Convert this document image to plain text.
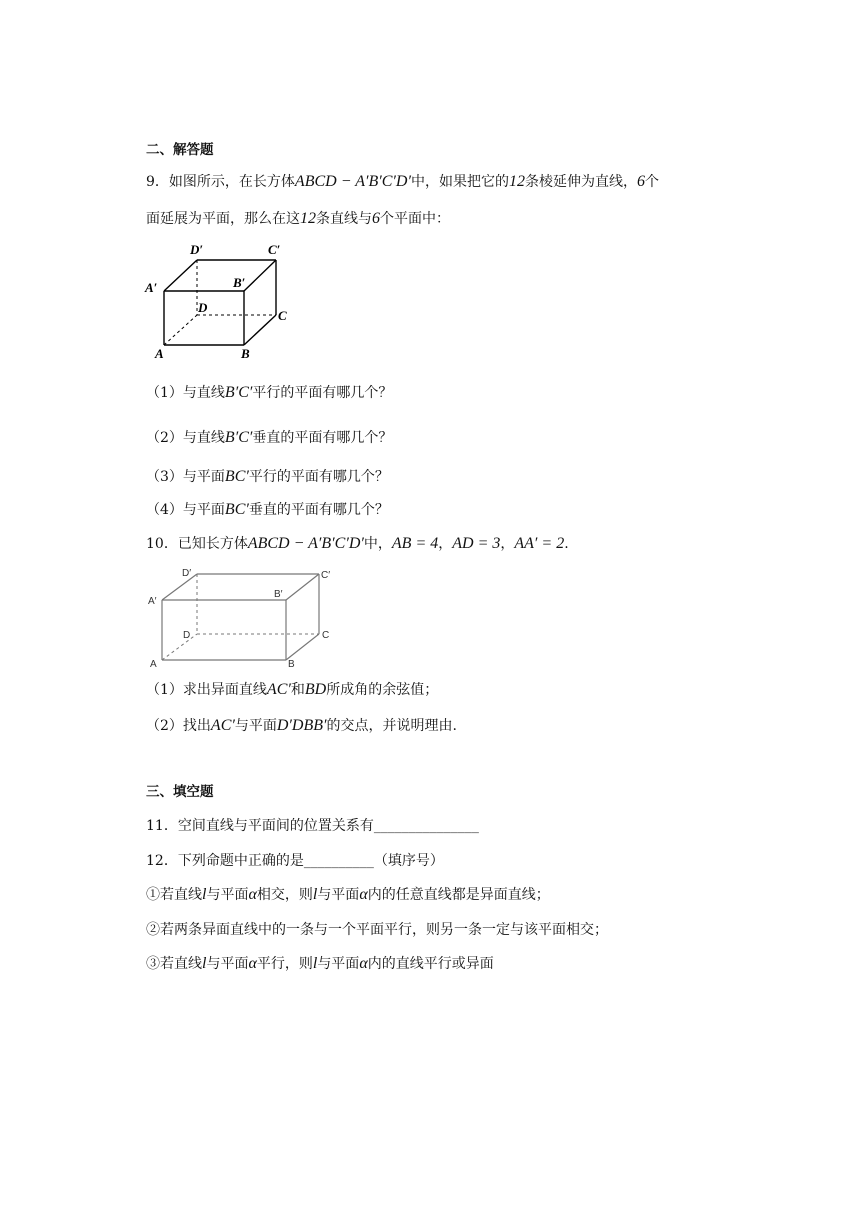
二、解答题
9．如图所示，在长方体ABCD − A′B′C′D′中，如果把它的12条棱延伸为直线，6个
面延展为平面，那么在这12条直线与6个平面中：
D′	C′
A′	B′
D
C
A	B
（1）与直线B′C′平行的平面有哪几个？
（2）与直线B′C′垂直的平面有哪几个？
（3）与平面BC′平行的平面有哪几个？
（4）与平面BC′垂直的平面有哪几个？
10．已知长方体ABCD − A′B′C′D′中，AB = 4，AD = 3，AA′ = 2.
D′	C′
A′
B′
D	C
A	B
（1）求出异面直线AC′和BD所成角的余弦值；
（2）找出AC′与平面D′DBB′的交点，并说明理由.
三、填空题
11．空间直线与平面间的位置关系有_______________
12．下列命题中正确的是__________（填序号）
①若直线l与平面α相交，则l与平面α内的任意直线都是异面直线；
②若两条异面直线中的一条与一个平面平行，则另一条一定与该平面相交；
③若直线l与平面α平行，则l与平面α内的直线平行或异面
